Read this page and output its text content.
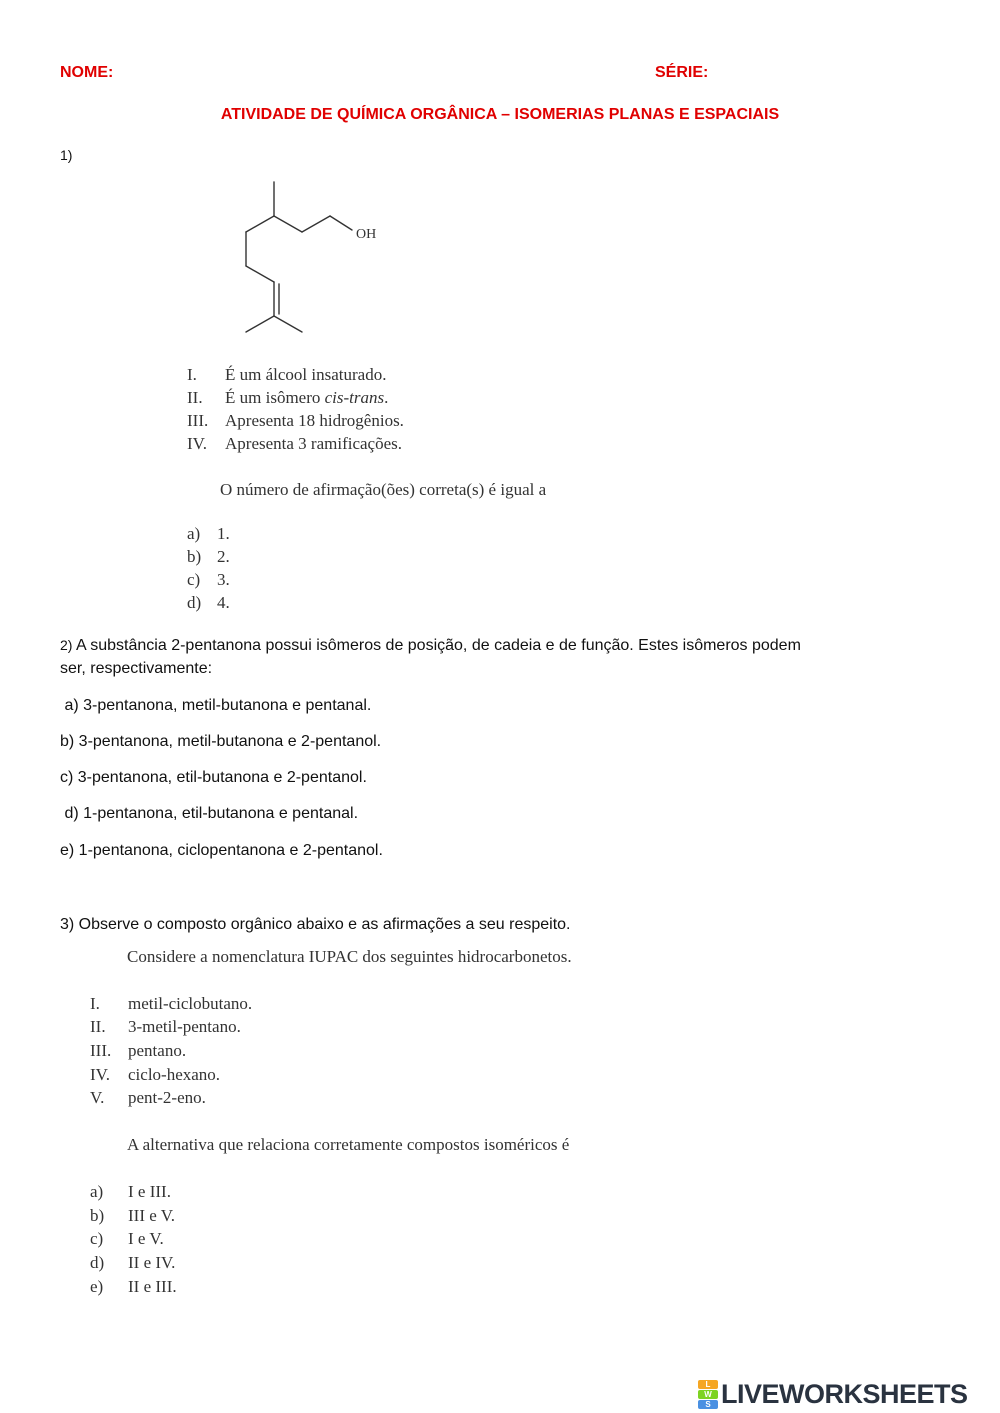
NOME:	SÉRIE:
ATIVIDADE DE QUÍMICA ORGÂNICA – ISOMERIAS PLANAS E ESPACIAIS
1)
OH
I. É um álcool insaturado.
II. É um isômero cis-trans.
III. Apresenta 18 hidrogênios.
IV. Apresenta 3 ramificações.
O número de afirmação(ões) correta(s) é igual a
a) 1.
b) 2.
c) 3.
d) 4.
2) A substância 2-pentanona possui isômeros de posição, de cadeia e de função. Estes isômeros podem
ser, respectivamente:
a) 3-pentanona, metil-butanona e pentanal.
b) 3-pentanona, metil-butanona e 2-pentanol.
c) 3-pentanona, etil-butanona e 2-pentanol.
d) 1-pentanona, etil-butanona e pentanal.
e) 1-pentanona, ciclopentanona e 2-pentanol.
3) Observe o composto orgânico abaixo e as afirmações a seu respeito.
Considere a nomenclatura IUPAC dos seguintes hidrocarbonetos.
I. metil-ciclobutano.
II. 3-metil-pentano.
III. pentano.
IV. ciclo-hexano.
V. pent-2-eno.
A alternativa que relaciona corretamente compostos isoméricos é
a) I e III.
b) III e V.
c) I e V.
d) II e IV.
e) II e III.
L
W
S LIVEWORKSHEETS
